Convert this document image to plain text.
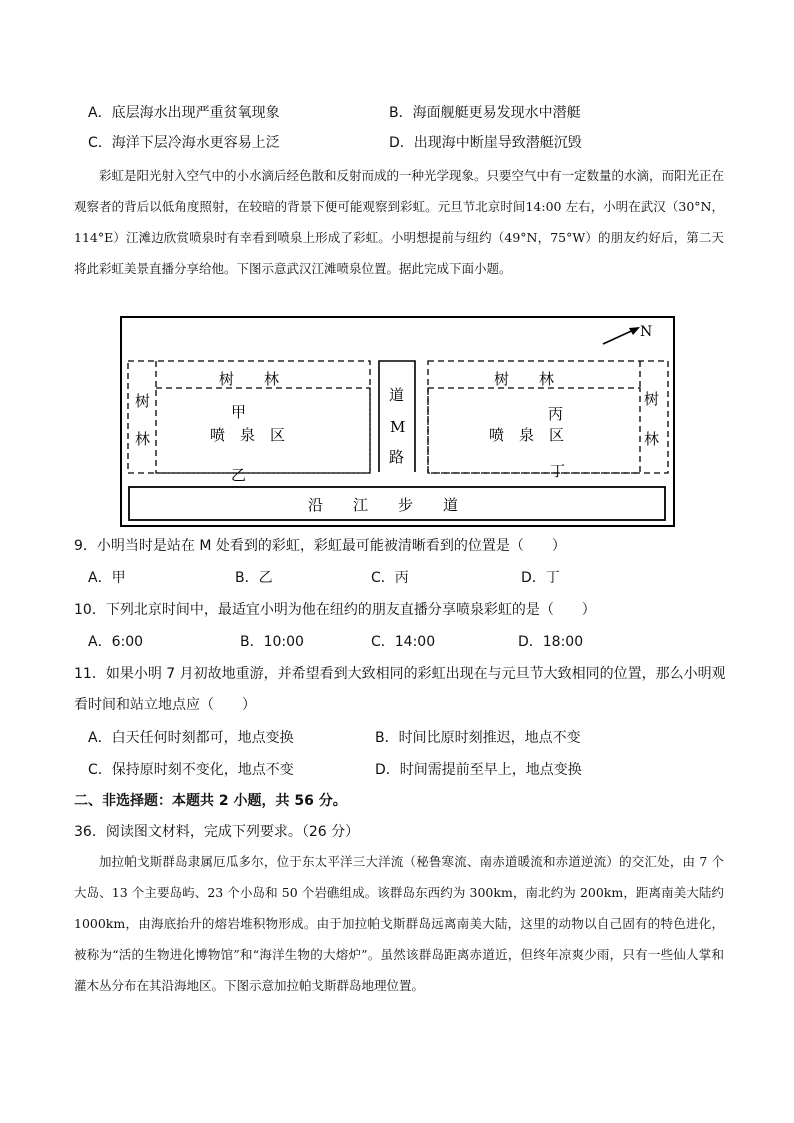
A．底层海水出现严重贫氧现象	B．海面舰艇更易发现水中潜艇
C．海洋下层冷海水更容易上泛	D．出现海中断崖导致潜艇沉毁
彩虹是阳光射入空气中的小水滴后经色散和反射而成的一种光学现象。只要空气中有一定数量的水滴，而阳光正在观察者的背后以低角度照射，在较暗的背景下便可能观察到彩虹。元旦节北京时间14:00 左右，小明在武汉（30°N，114°E）江滩边欣赏喷泉时有幸看到喷泉上形成了彩虹。小明想提前与纽约（49°N，75°W）的朋友约好后，第二天将此彩虹美景直播分享给他。下图示意武汉江滩喷泉位置。据此完成下面小题。
N
树　　林
树
林
甲
喷　泉　区
乙
道
M
路
树　　林
树
林
丙
喷　泉　区
丁
沿　　江　　步　　道
9．小明当时是站在 M 处看到的彩虹，彩虹最可能被清晰看到的位置是（　　）
A．甲	B．乙	C．丙	D．丁
10．下列北京时间中，最适宜小明为他在纽约的朋友直播分享喷泉彩虹的是（　　）
A．6:00	B．10:00	C．14:00	D．18:00
11．如果小明 7 月初故地重游，并希望看到大致相同的彩虹出现在与元旦节大致相同的位置，那么小明观
看时间和站立地点应（　　）
A．白天任何时刻都可，地点变换	B．时间比原时刻推迟，地点不变
C．保持原时刻不变化，地点不变	D．时间需提前至早上，地点变换
二、非选择题：本题共 2 小题，共 56 分。
36．阅读图文材料，完成下列要求。（26 分）
加拉帕戈斯群岛隶属厄瓜多尔，位于东太平洋三大洋流（秘鲁寒流、南赤道暖流和赤道逆流）的交汇处，由 7 个大岛、13 个主要岛屿、23 个小岛和 50 个岩礁组成。该群岛东西约为 300km，南北约为 200km，距离南美大陆约 1000km，由海底抬升的熔岩堆积物形成。由于加拉帕戈斯群岛远离南美大陆，这里的动物以自己固有的特色进化，被称为“活的生物进化博物馆”和“海洋生物的大熔炉”。虽然该群岛距离赤道近，但终年凉爽少雨，只有一些仙人掌和灌木丛分布在其沿海地区。下图示意加拉帕戈斯群岛地理位置。
